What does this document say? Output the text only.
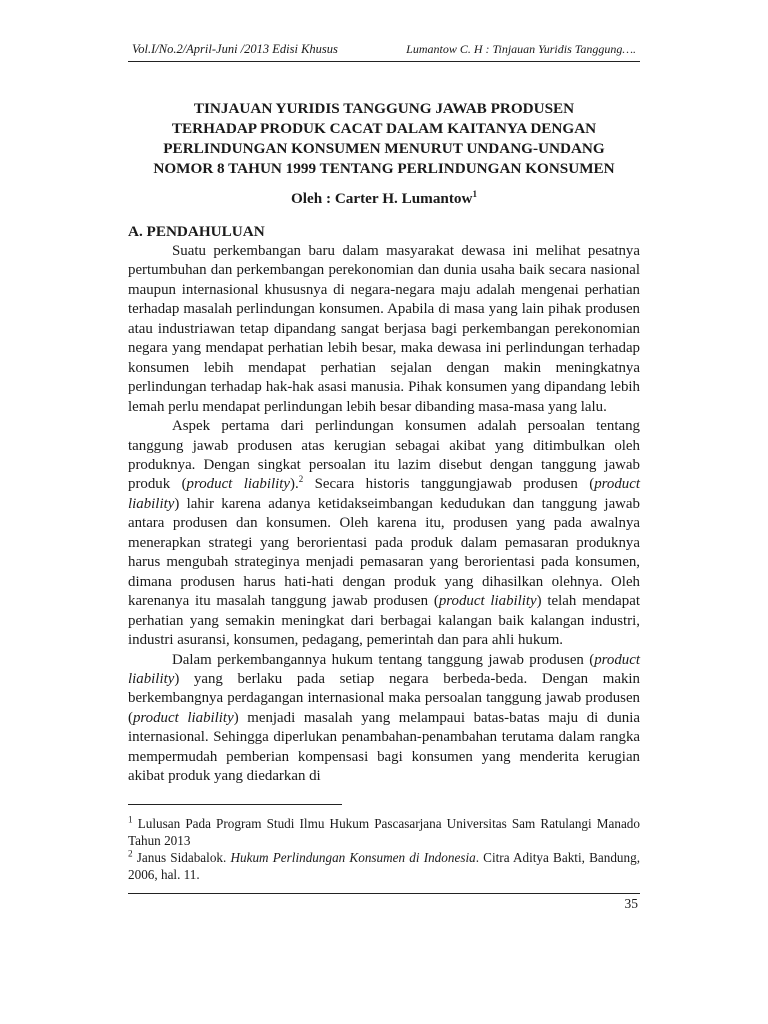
Vol.I/No.2/April-Juni /2013 Edisi Khusus	Lumantow C. H : Tinjauan Yuridis Tanggung….
TINJAUAN YURIDIS TANGGUNG JAWAB PRODUSEN
TERHADAP PRODUK CACAT DALAM KAITANYA DENGAN
PERLINDUNGAN KONSUMEN MENURUT UNDANG-UNDANG
NOMOR 8 TAHUN 1999 TENTANG PERLINDUNGAN KONSUMEN

Oleh : Carter H. Lumantow$^1$

A. PENDAHULUAN

Suatu perkembangan baru dalam masyarakat dewasa ini melihat pesatnya pertumbuhan dan perkembangan perekonomian dan dunia usaha baik secara nasional maupun internasional khususnya di negara-negara maju adalah mengenai perhatian terhadap masalah perlindungan konsumen. Apabila di masa yang lain pihak produsen atau industriawan tetap dipandang sangat berjasa bagi perkembangan perekonomian negara yang mendapat perhatian lebih besar, maka dewasa ini perlindungan terhadap konsumen lebih mendapat perhatian sejalan dengan makin meningkatnya perlindungan terhadap hak-hak asasi manusia. Pihak konsumen yang dipandang lebih lemah perlu mendapat perlindungan lebih besar dibanding masa-masa yang lalu.

Aspek pertama dari perlindungan konsumen adalah persoalan tentang tanggung jawab produsen atas kerugian sebagai akibat yang ditimbulkan oleh produknya. Dengan singkat persoalan itu lazim disebut dengan tanggung jawab produk (product liability).$^2$ Secara historis tanggungjawab produsen (product liability) lahir karena adanya ketidakseimbangan kedudukan dan tanggung jawab antara produsen dan konsumen. Oleh karena itu, produsen yang pada awalnya menerapkan strategi yang berorientasi pada produk dalam pemasaran produknya harus mengubah strateginya menjadi pemasaran yang berorientasi pada konsumen, dimana produsen harus hati-hati dengan produk yang dihasilkan olehnya. Oleh karenanya itu masalah tanggung jawab produsen (product liability) telah mendapat perhatian yang semakin meningkat dari berbagai kalangan baik kalangan industri, industri asuransi, konsumen, pedagang, pemerintah dan para ahli hukum.

Dalam perkembangannya hukum tentang tanggung jawab produsen (product liability) yang berlaku pada setiap negara berbeda-beda. Dengan makin berkembangnya perdagangan internasional maka persoalan tanggung jawab produsen (product liability) menjadi masalah yang melampaui batas-batas maju di dunia internasional. Sehingga diperlukan penambahan-penambahan terutama dalam rangka mempermudah pemberian kompensasi bagi konsumen yang menderita kerugian akibat produk yang diedarkan di

$^1$ Lulusan Pada Program Studi Ilmu Hukum Pascasarjana Universitas Sam Ratulangi Manado Tahun 2013

$^2$ Janus Sidabalok. Hukum Perlindungan Konsumen di Indonesia. Citra Aditya Bakti, Bandung, 2006, hal. 11.

35
